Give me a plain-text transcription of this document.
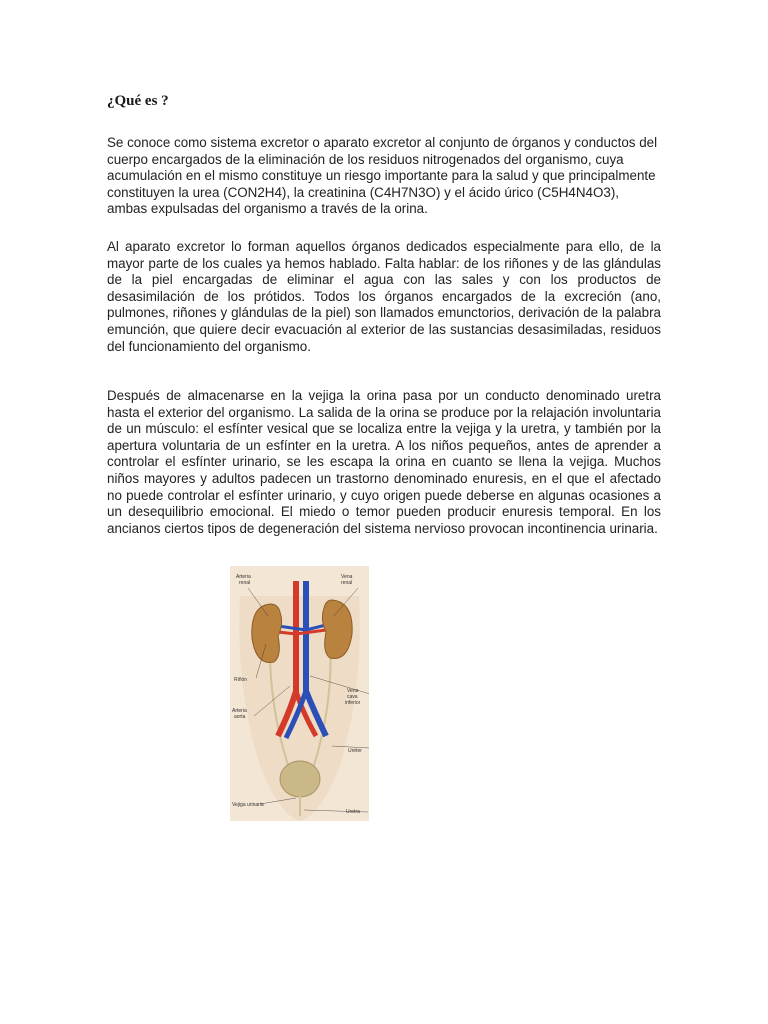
¿Qué es ?

Se conoce como sistema excretor o aparato excretor al conjunto de órganos y conductos del cuerpo encargados de la eliminación de los residuos nitrogenados del organismo, cuya acumulación en el mismo constituye un riesgo importante para la salud y que principalmente constituyen la urea (CON2H4), la creatinina (C4H7N3O) y el ácido úrico (C5H4N4O3), ambas expulsadas del organismo a través de la orina.

Al aparato excretor lo forman aquellos órganos dedicados especialmente para ello, de la mayor parte de los cuales ya hemos hablado. Falta hablar: de los riñones y de las glándulas de la piel encargadas de eliminar el agua con las sales y con los productos de desasimilación de los prótidos. Todos los órganos encargados de la excreción (ano, pulmones, riñones y glándulas de la piel) son llamados emunctorios, derivación de la palabra emunción, que quiere decir evacuación al exterior de las sustancias desasimiladas, residuos del funcionamiento del organismo.

Después de almacenarse en la vejiga la orina pasa por un conducto denominado uretra hasta el exterior del organismo. La salida de la orina se produce por la relajación involuntaria de un músculo: el esfínter vesical que se localiza entre la vejiga y la uretra, y también por la apertura voluntaria de un esfínter en la uretra. A los niños pequeños, antes de aprender a controlar el esfínter urinario, se les escapa la orina en cuanto se llena la vejiga. Muchos niños mayores y adultos padecen un trastorno denominado enuresis, en el que el afectado no puede controlar el esfínter urinario, y cuyo origen puede deberse en algunas ocasiones a un desequilibrio emocional. El miedo o temor pueden producir enuresis temporal. En los ancianos ciertos tipos de degeneración del sistema nervioso provocan incontinencia urinaria.

Arteria
renal
Vena
renal
Riñón
Vena
cava
inferior
Arteria
aorta
Uréter
Vejiga urinaria
Uretra
